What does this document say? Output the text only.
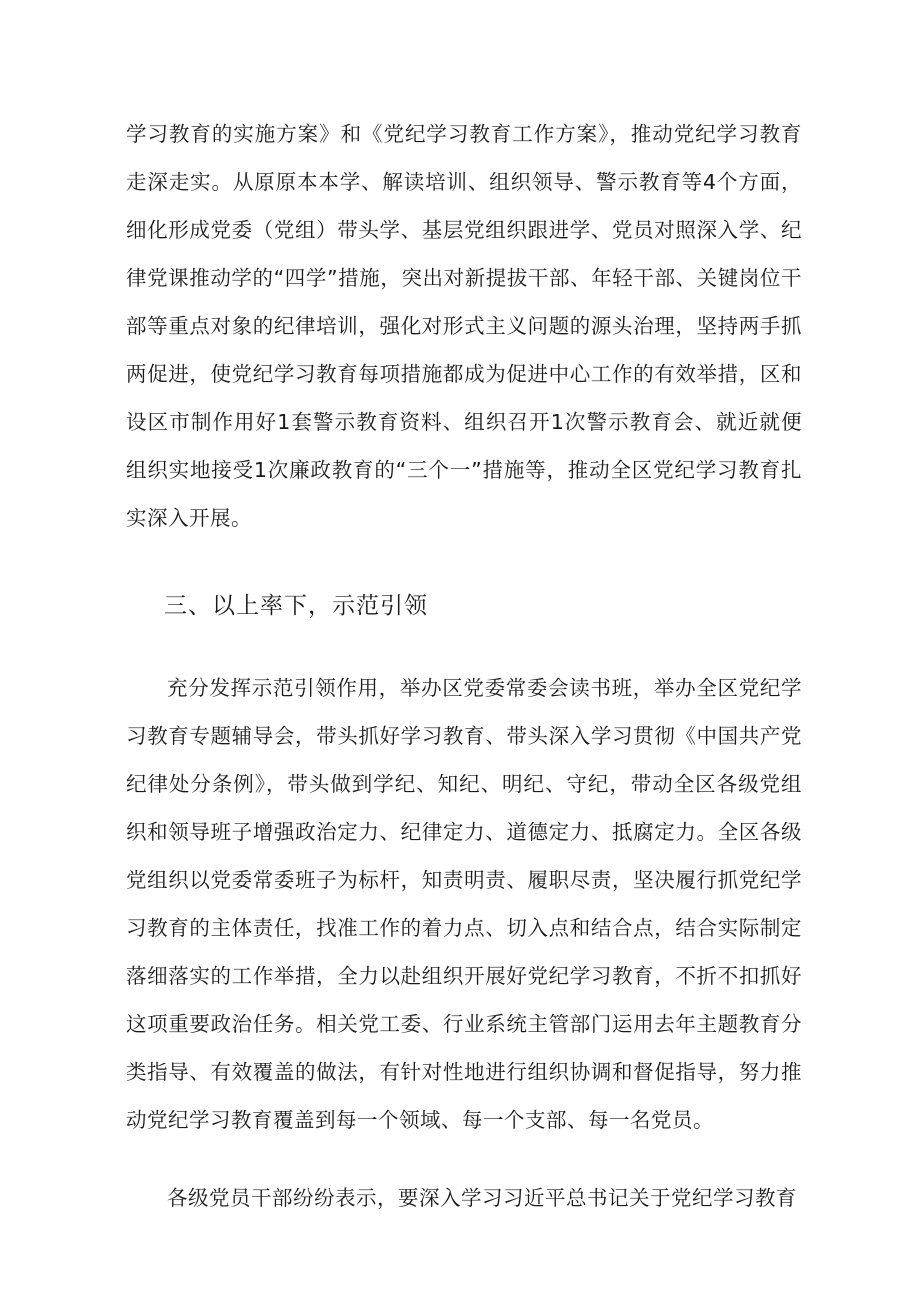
学习教育的实施方案》和《党纪学习教育工作方案》，推动党纪学习教育走深走实。从原原本本学、解读培训、组织领导、警示教育等4个方面，细化形成党委（党组）带头学、基层党组织跟进学、党员对照深入学、纪律党课推动学的“四学”措施，突出对新提拔干部、年轻干部、关键岗位干部等重点对象的纪律培训，强化对形式主义问题的源头治理，坚持两手抓两促进，使党纪学习教育每项措施都成为促进中心工作的有效举措，区和设区市制作用好1套警示教育资料、组织召开1次警示教育会、就近就便组织实地接受1次廉政教育的“三个一”措施等，推动全区党纪学习教育扎实深入开展。

三、以上率下，示范引领

充分发挥示范引领作用，举办区党委常委会读书班，举办全区党纪学习教育专题辅导会，带头抓好学习教育、带头深入学习贯彻《中国共产党纪律处分条例》，带头做到学纪、知纪、明纪、守纪，带动全区各级党组织和领导班子增强政治定力、纪律定力、道德定力、抵腐定力。全区各级党组织以党委常委班子为标杆，知责明责、履职尽责，坚决履行抓党纪学习教育的主体责任，找准工作的着力点、切入点和结合点，结合实际制定落细落实的工作举措，全力以赴组织开展好党纪学习教育，不折不扣抓好这项重要政治任务。相关党工委、行业系统主管部门运用去年主题教育分类指导、有效覆盖的做法，有针对性地进行组织协调和督促指导，努力推动党纪学习教育覆盖到每一个领域、每一个支部、每一名党员。

各级党员干部纷纷表示，要深入学习习近平总书记关于党纪学习教育
